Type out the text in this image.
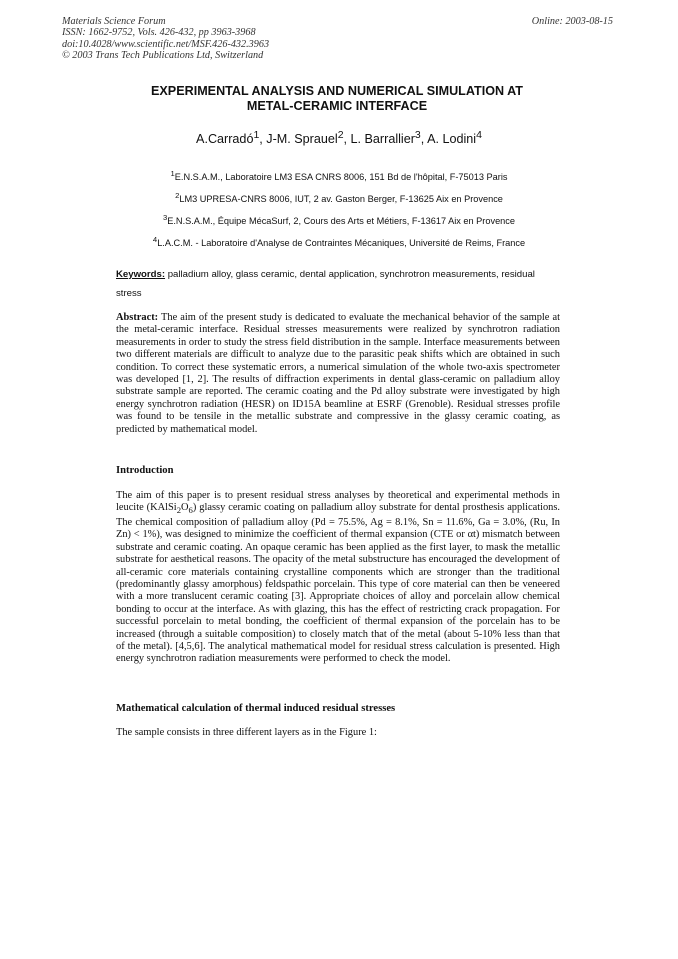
Materials Science Forum
ISSN: 1662-9752, Vols. 426-432, pp 3963-3968
doi:10.4028/www.scientific.net/MSF.426-432.3963
© 2003 Trans Tech Publications Ltd, Switzerland
Online: 2003-08-15
EXPERIMENTAL ANALYSIS AND NUMERICAL SIMULATION AT
METAL-CERAMIC INTERFACE
A.Carradó$^1$, J-M. Sprauel$^2$, L. Barrallier$^3$, A. Lodini$^4$
$^1$E.N.S.A.M., Laboratoire LM3 ESA CNRS 8006, 151 Bd de l'hôpital, F-75013 Paris
$^2$LM3 UPRESA-CNRS 8006, IUT, 2 av. Gaston Berger, F-13625 Aix en Provence
$^3$E.N.S.A.M., Équipe MécaSurf, 2, Cours des Arts et Métiers, F-13617 Aix en Provence
$^4$L.A.C.M. - Laboratoire d'Analyse de Contraintes Mécaniques, Université de Reims, France
Keywords: palladium alloy, glass ceramic, dental application, synchrotron measurements, residual stress
Abstract: The aim of the present study is dedicated to evaluate the mechanical behavior of the sample at the metal-ceramic interface. Residual stresses measurements were realized by synchrotron radiation measurements in order to study the stress field distribution in the sample. Interface measurements between two different materials are difficult to analyze due to the parasitic peak shifts which are obtained in such condition. To correct these systematic errors, a numerical simulation of the whole two-axis spectrometer was developed [1, 2]. The results of diffraction experiments in dental glass-ceramic on palladium alloy substrate sample are reported. The ceramic coating and the Pd alloy substrate were investigated by high energy synchrotron radiation (HESR) on ID15A beamline at ESRF (Grenoble). Residual stresses profile was found to be tensile in the metallic substrate and compressive in the glassy ceramic coating, as predicted by mathematical model.
Introduction
The aim of this paper is to present residual stress analyses by theoretical and experimental methods in leucite $(KAlSi_2O_6)$ glassy ceramic coating on palladium alloy substrate for dental prosthesis applications. The chemical composition of palladium alloy (Pd = 75.5%, Ag = 8.1%, Sn = 11.6%, Ga = 3.0%, (Ru, In Zn) < 1%), was designed to minimize the coefficient of thermal expansion (CTE or αt) mismatch between substrate and ceramic coating. An opaque ceramic has been applied as the first layer, to mask the metallic substrate for aesthetical reasons. The opacity of the metal substructure has encouraged the development of all-ceramic core materials containing crystalline components which are stronger than the traditional (predominantly glassy amorphous) feldspathic porcelain. This type of core material can then be veneered with a more translucent ceramic coating [3]. Appropriate choices of alloy and porcelain allow chemical bonding to occur at the interface. As with glazing, this has the effect of restricting crack propagation. For successful porcelain to metal bonding, the coefficient of thermal expansion of the porcelain has to be increased (through a suitable composition) to closely match that of the metal (about 5-10% less than that of the metal). [4,5,6]. The analytical mathematical model for residual stress calculation is presented. High energy synchrotron radiation measurements were performed to check the model.
Mathematical calculation of thermal induced residual stresses
The sample consists in three different layers as in the Figure 1:
